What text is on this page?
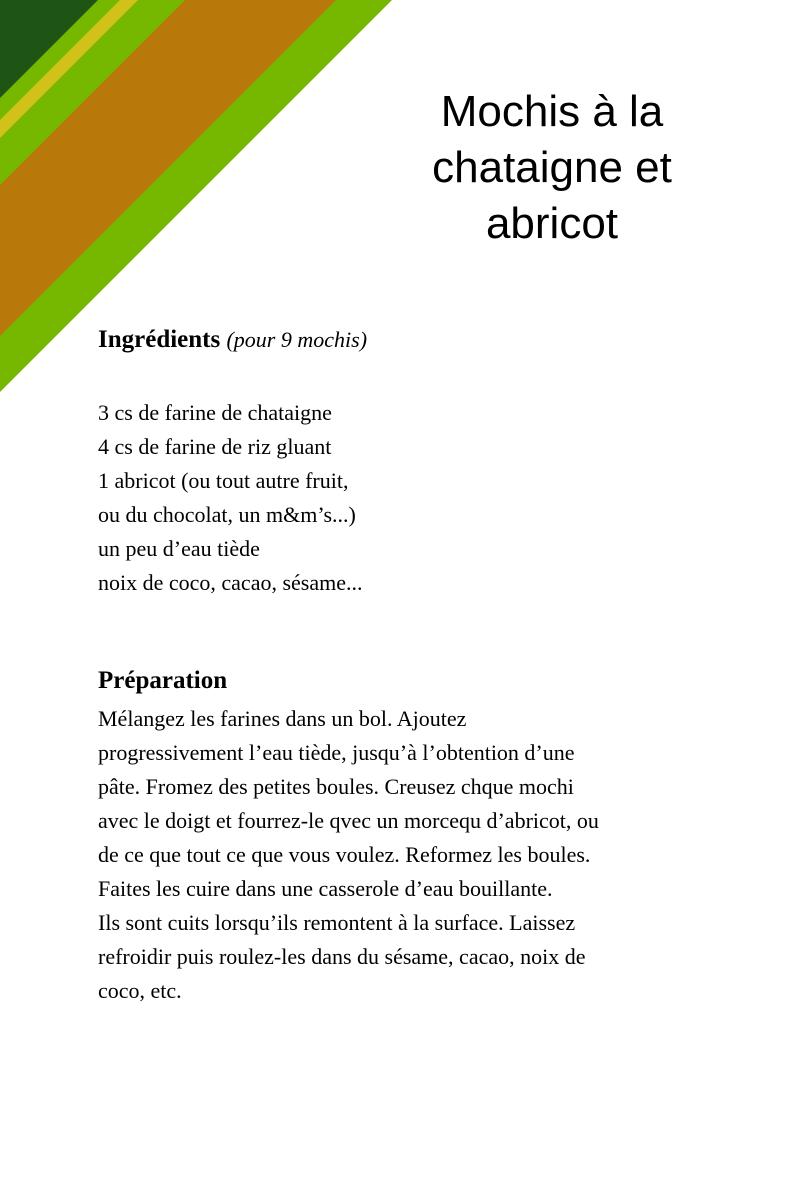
Mochis à la chataigne et abricot
Ingrédients (pour 9 mochis)
3 cs de farine de chataigne
4 cs de farine de riz gluant
1 abricot (ou tout autre fruit,
ou du chocolat, un m&m’s...)
un peu d’eau tiède
noix de coco, cacao, sésame...
Préparation
Mélangez les farines dans un bol. Ajoutez
progressivement l’eau tiède, jusqu’à l’obtention d’une
pâte. Fromez des petites boules. Creusez chque mochi
avec le doigt et fourrez-le qvec un morcequ d’abricot, ou
de ce que tout ce que vous voulez. Reformez les boules.
Faites les cuire dans une casserole d’eau bouillante.
Ils sont cuits lorsqu’ils remontent à la surface. Laissez
refroidir puis roulez-les dans du sésame, cacao, noix de
coco, etc.
